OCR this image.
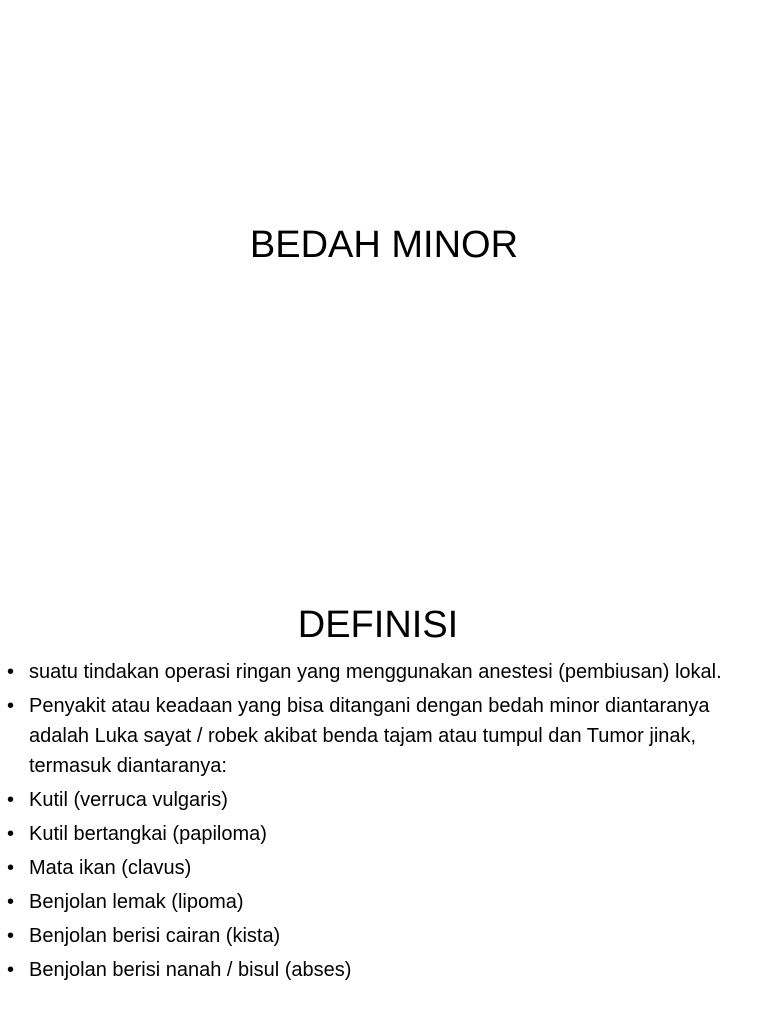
BEDAH MINOR
DEFINISI
• suatu tindakan operasi ringan yang menggunakan anestesi (pembiusan) lokal.
• Penyakit atau keadaan yang bisa ditangani dengan bedah minor diantaranya adalah Luka sayat / robek akibat benda tajam atau tumpul dan Tumor jinak, termasuk diantaranya:
• Kutil (verruca vulgaris)
• Kutil bertangkai (papiloma)
• Mata ikan (clavus)
• Benjolan lemak (lipoma)
• Benjolan berisi cairan (kista)
• Benjolan berisi nanah / bisul (abses)
